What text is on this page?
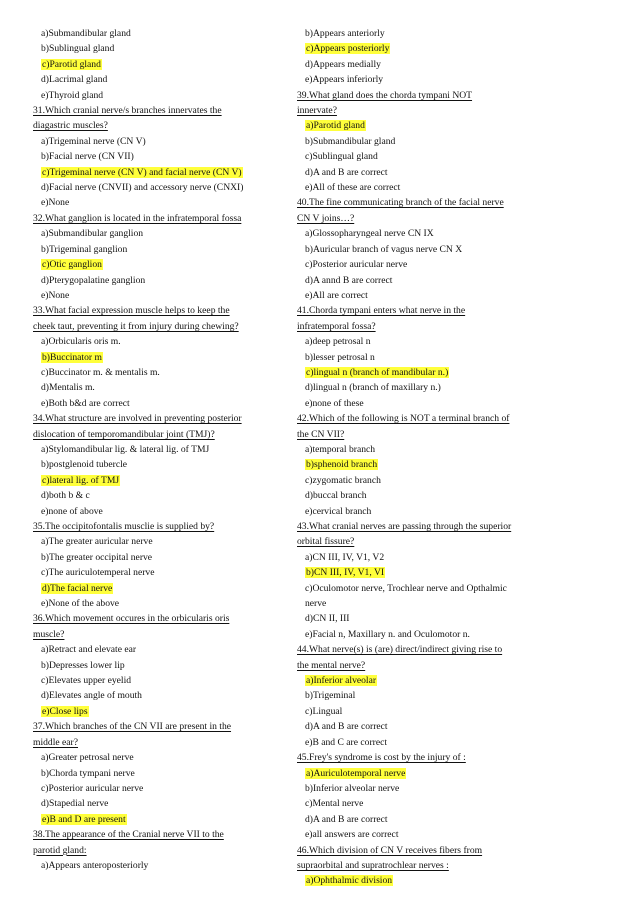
a)Submandibular gland
b)Sublingual gland
c)Parotid gland
d)Lacrimal gland
e)Thyroid gland
31.Which cranial nerve/s branches innervates the
diagastric muscles?
a)Trigeminal nerve (CN V)
b)Facial nerve (CN VII)
c)Trigeminal nerve (CN V) and facial nerve (CN V)
d)Facial nerve (CNVII) and accessory nerve (CNXI)
e)None
32.What ganglion is located in the infratemporal fossa
a)Submandibular ganglion
b)Trigeminal ganglion
c)Otic ganglion
d)Pterygopalatine ganglion
e)None
33.What facial expression muscle helps to keep the
cheek taut, preventing it from injury during chewing?
a)Orbicularis oris m.
b)Buccinator m
c)Buccinator m. & mentalis m.
d)Mentalis m.
e)Both b&d are correct
34.What structure are involved in preventing posterior
dislocation of temporomandibular joint (TMJ)?
a)Stylomandibular lig. & lateral lig. of TMJ
b)postglenoid tubercle
c)lateral lig. of TMJ
d)both b & c
e)none of above
35.The occipitofontalis musclie is supplied by?
a)The greater auricular nerve
b)The greater occipital nerve
c)The auriculotemperal nerve
d)The facial nerve
e)None of the above
36.Which movement occures in the orbicularis oris
muscle?
a)Retract and elevate ear
b)Depresses lower lip
c)Elevates upper eyelid
d)Elevates angle of mouth
e)Close lips
37.Which branches of the CN VII are present in the
middle ear?
a)Greater petrosal nerve
b)Chorda tympani nerve
c)Posterior auricular nerve
d)Stapedial nerve
e)B and D are present
38.The appearance of the Cranial nerve VII to the
parotid gland:
a)Appears anteroposteriorly
b)Appears anteriorly
c)Appears posteriorly
d)Appears medially
e)Appears inferiorly
39.What gland does the chorda tympani NOT
innervate?
a)Parotid gland
b)Submandibular gland
c)Sublingual gland
d)A and B are correct
e)All of these are correct
40.The fine communicating branch of the facial nerve
CN V joins…?
a)Glossopharyngeal nerve CN IX
b)Auricular branch of vagus nerve CN X
c)Posterior auricular nerve
d)A annd B are correct
e)All are correct
41.Chorda tympani enters what nerve in the
infratemporal fossa?
a)deep petrosal n
b)lesser petrosal n
c)lingual n (branch of mandibular n.)
d)lingual n (branch of maxillary n.)
e)none of these
42.Which of the following is NOT a terminal branch of
the CN VII?
a)temporal branch
b)sphenoid branch
c)zygomatic branch
d)buccal branch
e)cervical branch
43.What cranial nerves are passing through the superior
orbital fissure?
a)CN III, IV, V1, V2
b)CN III, IV, V1, VI
c)Oculomotor nerve, Trochlear nerve and Opthalmic
nerve
d)CN II, III
e)Facial n, Maxillary n. and Oculomotor n.
44.What nerve(s) is (are) direct/indirect giving rise to
the mental nerve?
a)Inferior alveolar
b)Trigeminal
c)Lingual
d)A and B are correct
e)B and C are correct
45.Frey's syndrome is cost by the injury of :
a)Auriculotemporal nerve
b)Inferior alveolar nerve
c)Mental nerve
d)A and B are correct
e)all answers are correct
46.Which division of CN V receives fibers from
supraorbital and supratrochlear nerves :
a)Ophthalmic division
